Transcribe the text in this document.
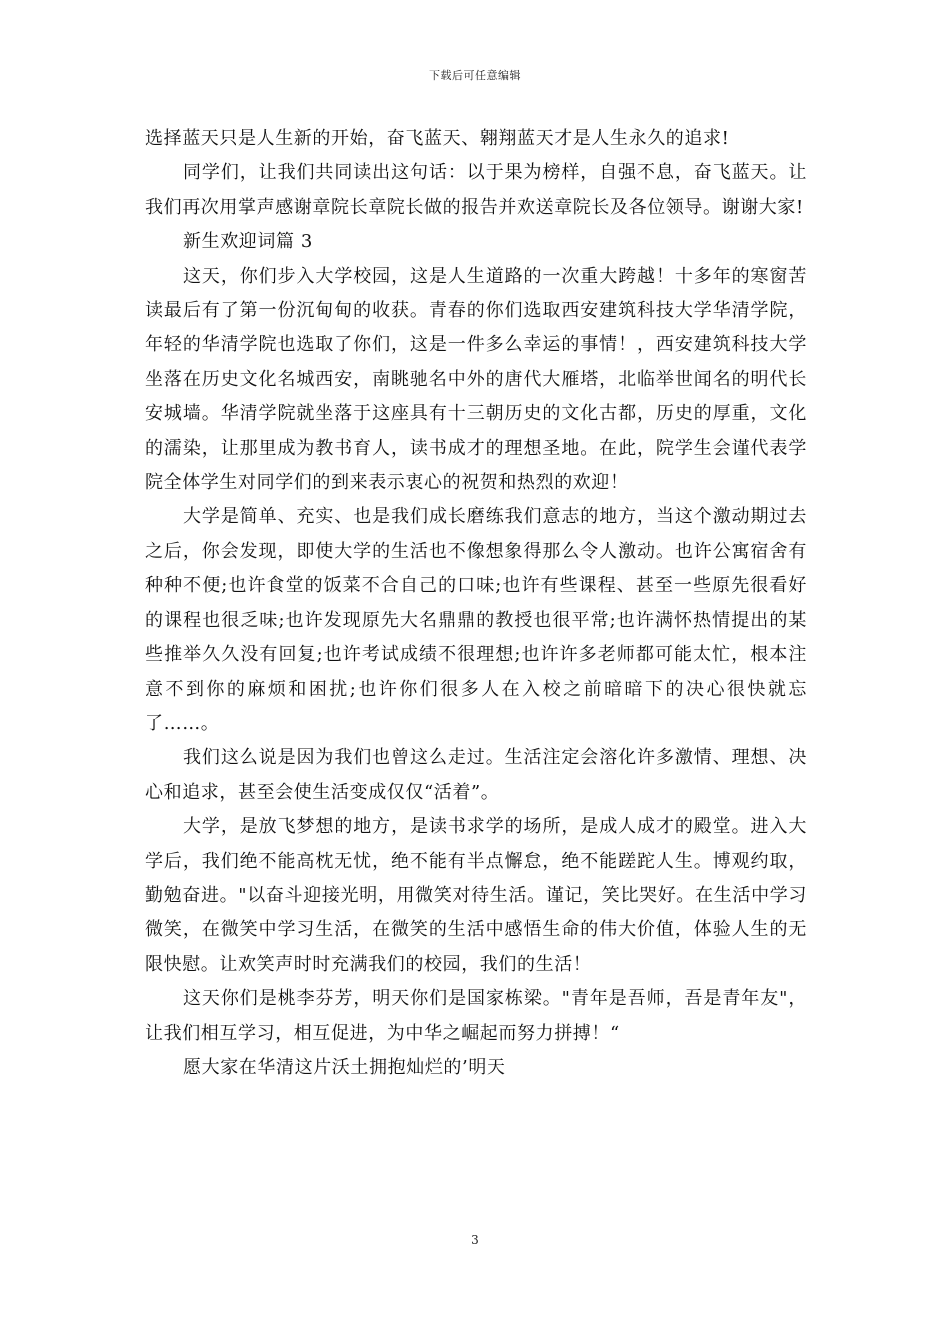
下载后可任意编辑

选择蓝天只是人生新的开始，奋飞蓝天、翱翔蓝天才是人生永久的追求!

同学们，让我们共同读出这句话：以于果为榜样，自强不息，奋飞蓝天。让我们再次用掌声感谢章院长章院长做的报告并欢送章院长及各位领导。谢谢大家!

新生欢迎词篇 3

这天，你们步入大学校园，这是人生道路的一次重大跨越！十多年的寒窗苦读最后有了第一份沉甸甸的收获。青春的你们选取西安建筑科技大学华清学院，年轻的华清学院也选取了你们，这是一件多么幸运的事情！，西安建筑科技大学坐落在历史文化名城西安，南眺驰名中外的唐代大雁塔，北临举世闻名的明代长安城墙。华清学院就坐落于这座具有十三朝历史的文化古都，历史的厚重，文化的濡染，让那里成为教书育人，读书成才的理想圣地。在此，院学生会谨代表学院全体学生对同学们的到来表示衷心的祝贺和热烈的欢迎！

大学是简单、充实、也是我们成长磨练我们意志的地方，当这个激动期过去之后，你会发现，即使大学的生活也不像想象得那么令人激动。也许公寓宿舍有种种不便;也许食堂的饭菜不合自己的口味;也许有些课程、甚至一些原先很看好的课程也很乏味;也许发现原先大名鼎鼎的教授也很平常;也许满怀热情提出的某些推举久久没有回复;也许考试成绩不很理想;也许许多老师都可能太忙，根本注意不到你的麻烦和困扰;也许你们很多人在入校之前暗暗下的决心很快就忘了……。

我们这么说是因为我们也曾这么走过。生活注定会溶化许多激情、理想、决心和追求，甚至会使生活变成仅仅“活着”。

大学，是放飞梦想的地方，是读书求学的场所，是成人成才的殿堂。进入大学后，我们绝不能高枕无忧，绝不能有半点懈怠，绝不能蹉跎人生。博观约取，勤勉奋进。"以奋斗迎接光明，用微笑对待生活。谨记，笑比哭好。在生活中学习微笑，在微笑中学习生活，在微笑的生活中感悟生命的伟大价值，体验人生的无限快慰。让欢笑声时时充满我们的校园，我们的生活！

这天你们是桃李芬芳，明天你们是国家栋梁。"青年是吾师，吾是青年友"，让我们相互学习，相互促进，为中华之崛起而努力拼搏！“

愿大家在华清这片沃土拥抱灿烂的’明天

3
